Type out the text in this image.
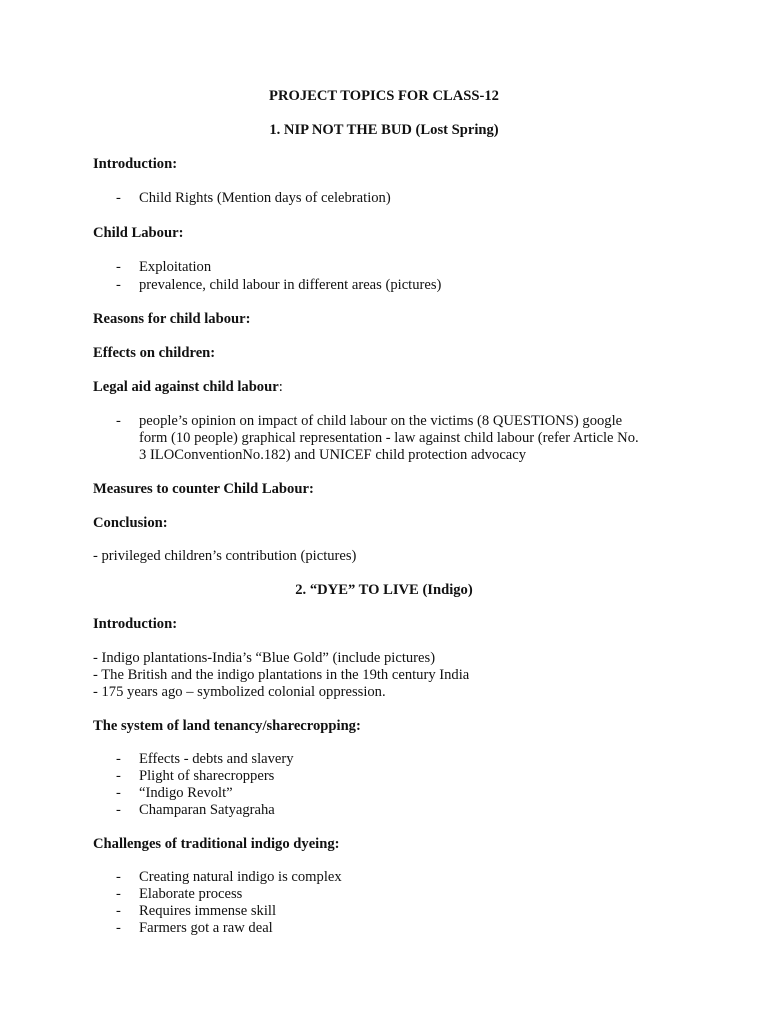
PROJECT TOPICS FOR CLASS-12
1. NIP NOT THE BUD (Lost Spring)
Introduction:
- Child Rights (Mention days of celebration)
Child Labour:
- Exploitation
- prevalence, child labour in different areas (pictures)
Reasons for child labour:
Effects on children:
Legal aid against child labour:
- people’s opinion on impact of child labour on the victims (8 QUESTIONS) google
form (10 people) graphical representation - law against child labour (refer Article No.
3 ILOConventionNo.182) and UNICEF child protection advocacy
Measures to counter Child Labour:
Conclusion:
- privileged children’s contribution (pictures)
2. “DYE” TO LIVE (Indigo)
Introduction:
- Indigo plantations-India’s “Blue Gold” (include pictures)
- The British and the indigo plantations in the 19th century India
- 175 years ago – symbolized colonial oppression.
The system of land tenancy/sharecropping:
- Effects - debts and slavery
- Plight of sharecroppers
- “Indigo Revolt”
- Champaran Satyagraha
Challenges of traditional indigo dyeing:
- Creating natural indigo is complex
- Elaborate process
- Requires immense skill
- Farmers got a raw deal
